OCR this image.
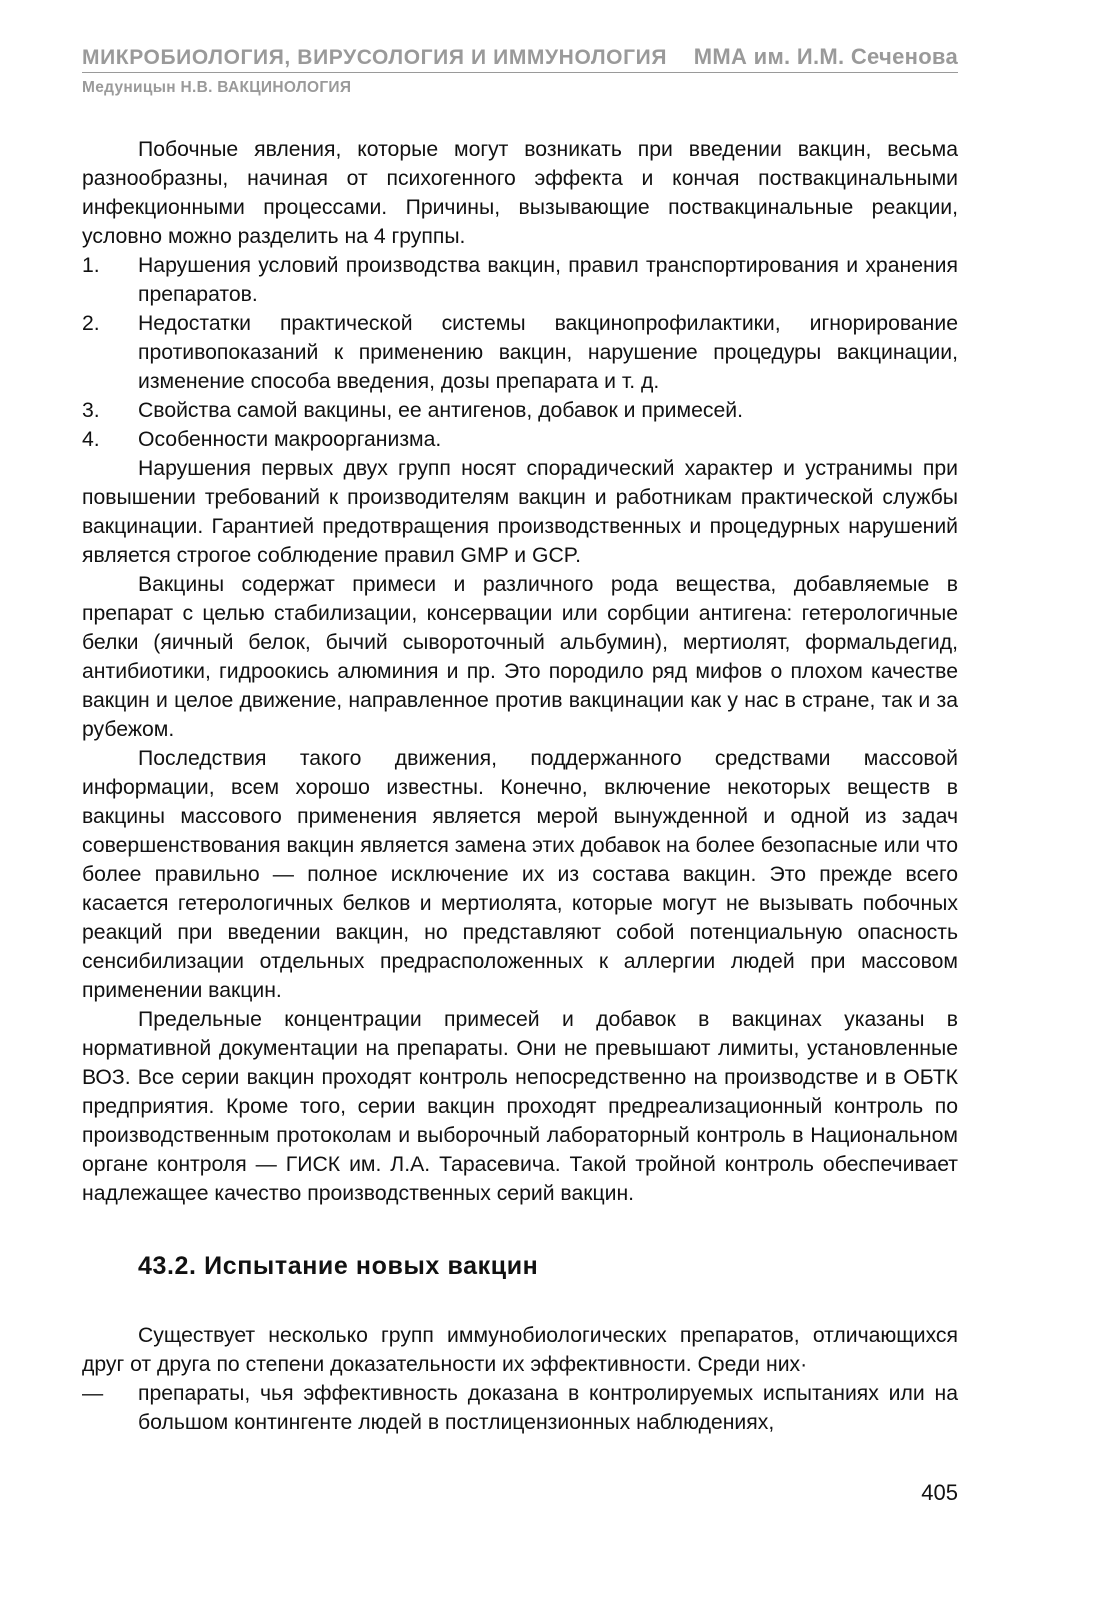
МИКРОБИОЛОГИЯ, ВИРУСОЛОГИЯ И ИММУНОЛОГИЯ ММА им. И.М. Сеченова
Медуницын Н.В. ВАКЦИНОЛОГИЯ

Побочные явления, которые могут возникать при введении вакцин, весьма разнообразны, начиная от психогенного эффекта и кончая поствакцинальными инфекционными процессами. Причины, вызывающие поствакцинальные реакции, условно можно разделить на 4 группы.

1.	Нарушения условий производства вакцин, правил транспортирования и хранения препаратов.
2.	Недостатки практической системы вакцинопрофилактики, игнорирование противопоказаний к применению вакцин, нарушение процедуры вакцинации, изменение способа введения, дозы препарата и т. д.
3.	Свойства самой вакцины, ее антигенов, добавок и примесей.
4.	Особенности макроорганизма.

Нарушения первых двух групп носят спорадический характер и устранимы при повышении требований к производителям вакцин и работникам практической службы вакцинации. Гарантией предотвращения производственных и процедурных нарушений является строгое соблюдение правил GMP и GCP.

Вакцины содержат примеси и различного рода вещества, добавляемые в препарат с целью стабилизации, консервации или сорбции антигена: гетерологичные белки (яичный белок, бычий сывороточный альбумин), мертиолят, формальдегид, антибиотики, гидроокись алюминия и пр. Это породило ряд мифов о плохом качестве вакцин и целое движение, направленное против вакцинации как у нас в стране, так и за рубежом.

Последствия такого движения, поддержанного средствами массовой информации, всем хорошо известны. Конечно, включение некоторых веществ в вакцины массового применения является мерой вынужденной и одной из задач совершенствования вакцин является замена этих добавок на более безопасные или что более правильно — полное исключение их из состава вакцин. Это прежде всего касается гетерологичных белков и мертиолята, которые могут не вызывать побочных реакций при введении вакцин, но представляют собой потенциальную опасность сенсибилизации отдельных предрасположенных к аллергии людей при массовом применении вакцин.

Предельные концентрации примесей и добавок в вакцинах указаны в нормативной документации на препараты. Они не превышают лимиты, установленные ВОЗ. Все серии вакцин проходят контроль непосредственно на производстве и в ОБТК предприятия. Кроме того, серии вакцин проходят предреализационный контроль по производственным протоколам и выборочный лабораторный контроль в Национальном органе контроля — ГИСК им. Л.А. Тарасевича. Такой тройной контроль обеспечивает надлежащее качество производственных серий вакцин.

43.2. Испытание новых вакцин

Существует несколько групп иммунобиологических препаратов, отличающихся друг от друга по степени доказательности их эффективности. Среди них·

—	препараты, чья эффективность доказана в контролируемых испытаниях или на большом контингенте людей в постлицензионных наблюдениях,
405
